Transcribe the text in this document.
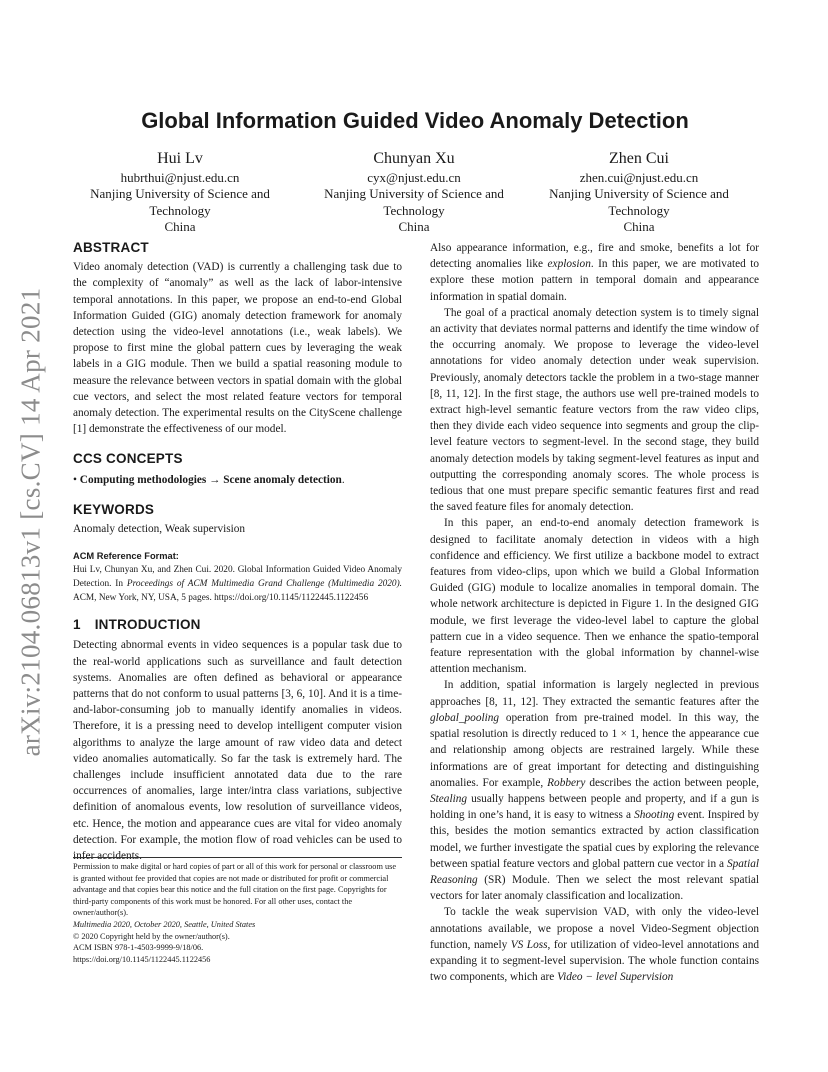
arXiv:2104.06813v1 [cs.CV] 14 Apr 2021
Global Information Guided Video Anomaly Detection
Hui Lv
hubrthui@njust.edu.cn
Nanjing University of Science and
Technology
China
Chunyan Xu
cyx@njust.edu.cn
Nanjing University of Science and
Technology
China
Zhen Cui
zhen.cui@njust.edu.cn
Nanjing University of Science and
Technology
China
ABSTRACT

Video anomaly detection (VAD) is currently a challenging task due to the complexity of “anomaly” as well as the lack of labor-intensive temporal annotations. In this paper, we propose an end-to-end Global Information Guided (GIG) anomaly detection framework for anomaly detection using the video-level annotations (i.e., weak labels). We propose to first mine the global pattern cues by leveraging the weak labels in a GIG module. Then we build a spatial reasoning module to measure the relevance between vectors in spatial domain with the global cue vectors, and select the most related feature vectors for temporal anomaly detection. The experimental results on the CityScene challenge [1] demonstrate the effectiveness of our model.

CCS CONCEPTS
• Computing methodologies → Scene anomaly detection.
KEYWORDS

Anomaly detection, Weak supervision

ACM Reference Format:
Hui Lv, Chunyan Xu, and Zhen Cui. 2020. Global Information Guided Video Anomaly Detection. In Proceedings of ACM Multimedia Grand Challenge (Multimedia 2020). ACM, New York, NY, USA, 5 pages. https://doi.org/10.1145/1122445.1122456
1 INTRODUCTION

Detecting abnormal events in video sequences is a popular task due to the real-world applications such as surveillance and fault detection systems. Anomalies are often defined as behavioral or appearance patterns that do not conform to usual patterns [3, 6, 10]. And it is a time-and-labor-consuming job to manually identify anomalies in videos. Therefore, it is a pressing need to develop intelligent computer vision algorithms to analyze the large amount of raw video data and detect video anomalies automatically. So far the task is extremely hard. The challenges include insufficient annotated data due to the rare occurrences of anomalies, large inter/intra class variations, subjective definition of anomalous events, low resolution of surveillance videos, etc. Hence, the motion and appearance cues are vital for video anomaly detection. For example, the motion flow of road vehicles can be used to infer accidents.

Permission to make digital or hard copies of part or all of this work for personal or classroom use is granted without fee provided that copies are not made or distributed for profit or commercial advantage and that copies bear this notice and the full citation on the first page. Copyrights for third-party components of this work must be honored. For all other uses, contact the owner/author(s).
Multimedia 2020, October 2020, Seattle, United States
© 2020 Copyright held by the owner/author(s).
ACM ISBN 978-1-4503-9999-9/18/06.
https://doi.org/10.1145/1122445.1122456

Also appearance information, e.g., fire and smoke, benefits a lot for detecting anomalies like explosion. In this paper, we are motivated to explore these motion pattern in temporal domain and appearance information in spatial domain.

The goal of a practical anomaly detection system is to timely signal an activity that deviates normal patterns and identify the time window of the occurring anomaly. We propose to leverage the video-level annotations for video anomaly detection under weak supervision. Previously, anomaly detectors tackle the problem in a two-stage manner [8, 11, 12]. In the first stage, the authors use well pre-trained models to extract high-level semantic feature vectors from the raw video clips, then they divide each video sequence into segments and group the clip-level feature vectors to segment-level. In the second stage, they build anomaly detection models by taking segment-level features as input and outputting the corresponding anomaly scores. The whole process is tedious that one must prepare specific semantic features first and read the saved feature files for anomaly detection.

In this paper, an end-to-end anomaly detection framework is designed to facilitate anomaly detection in videos with a high confidence and efficiency. We first utilize a backbone model to extract features from video-clips, upon which we build a Global Information Guided (GIG) module to localize anomalies in temporal domain. The whole network architecture is depicted in Figure 1. In the designed GIG module, we first leverage the video-level label to capture the global pattern cue in a video sequence. Then we enhance the spatio-temporal feature representation with the global information by channel-wise attention mechanism.

In addition, spatial information is largely neglected in previous approaches [8, 11, 12]. They extracted the semantic features after the global_pooling operation from pre-trained model. In this way, the spatial resolution is directly reduced to 1 × 1, hence the appearance cue and relationship among objects are restrained largely. While these informations are of great important for detecting and distinguishing anomalies. For example, Robbery describes the action between people, Stealing usually happens between people and property, and if a gun is holding in one’s hand, it is easy to witness a Shooting event. Inspired by this, besides the motion semantics extracted by action classification model, we further investigate the spatial cues by exploring the relevance between spatial feature vectors and global pattern cue vector in a Spatial Reasoning (SR) Module. Then we select the most relevant spatial vectors for later anomaly classification and localization.

To tackle the weak supervision VAD, with only the video-level annotations available, we propose a novel Video-Segment objection function, namely VS Loss, for utilization of video-level annotations and expanding it to segment-level supervision. The whole function contains two components, which are Video − level Supervision
